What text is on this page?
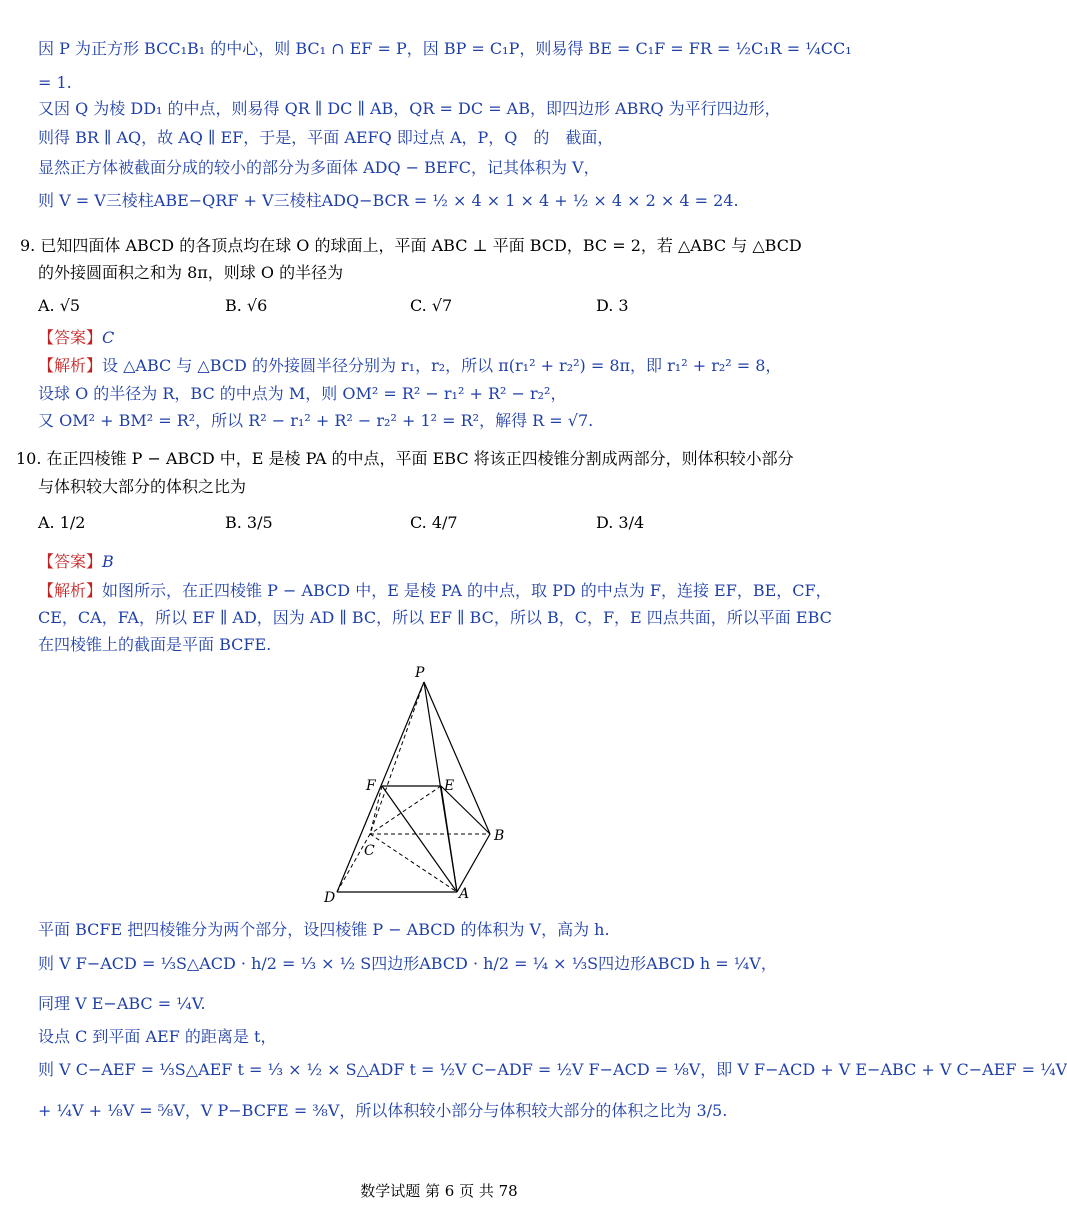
因 P 为正方形 BCC₁B₁ 的中心，则 BC₁ ∩ EF = P，因 BP = C₁P，则易得 BE = C₁F = FR = ½C₁R = ¼CC₁
= 1.
又因 Q 为棱 DD₁ 的中点，则易得 QR ∥ DC ∥ AB，QR = DC = AB，即四边形 ABRQ 为平行四边形，
则得 BR ∥ AQ，故 AQ ∥ EF，于是，平面 AEFQ 即过点 A，P，Q　的　截面，
显然正方体被截面分成的较小的部分为多面体 ADQ − BEFC，记其体积为 V，
则 V = V三棱柱ABE−QRF + V三棱柱ADQ−BCR = ½ × 4 × 1 × 4 + ½ × 4 × 2 × 4 = 24.
9. 已知四面体 ABCD 的各顶点均在球 O 的球面上，平面 ABC ⊥ 平面 BCD，BC = 2，若 △ABC 与 △BCD
的外接圆面积之和为 8π，则球 O 的半径为
A. √5	B. √6	C. √7	D. 3
【答案】C
【解析】设 △ABC 与 △BCD 的外接圆半径分别为 r₁，r₂，所以 π(r₁² + r₂²) = 8π，即 r₁² + r₂² = 8，
设球 O 的半径为 R，BC 的中点为 M，则 OM² = R² − r₁² + R² − r₂²，
又 OM² + BM² = R²，所以 R² − r₁² + R² − r₂² + 1² = R²，解得 R = √7.
10. 在正四棱锥 P − ABCD 中，E 是棱 PA 的中点，平面 EBC 将该正四棱锥分割成两部分，则体积较小部分
与体积较大部分的体积之比为
A. 1/2	B. 3/5	C. 4/7	D. 3/4
【答案】B
【解析】如图所示，在正四棱锥 P − ABCD 中，E 是棱 PA 的中点，取 PD 的中点为 F，连接 EF，BE，CF，
CE，CA，FA，所以 EF ∥ AD，因为 AD ∥ BC，所以 EF ∥ BC，所以 B，C，F，E 四点共面，所以平面 EBC
在四棱锥上的截面是平面 BCFE.
P
F	E
B
C
D	A
平面 BCFE 把四棱锥分为两个部分，设四棱锥 P − ABCD 的体积为 V，高为 h.
则 V F−ACD = ⅓S△ACD · h/2 = ⅓ × ½ S四边形ABCD · h/2 = ¼ × ⅓S四边形ABCD h = ¼V，
同理 V E−ABC = ¼V.
设点 C 到平面 AEF 的距离是 t，
则 V C−AEF = ⅓S△AEF t = ⅓ × ½ × S△ADF t = ½V C−ADF = ½V F−ACD = ⅛V，即 V F−ACD + V E−ABC + V C−AEF = ¼V
+ ¼V + ⅛V = ⅝V，V P−BCFE = ⅜V，所以体积较小部分与体积较大部分的体积之比为 3/5.
数学试题 第 6 页 共 78
